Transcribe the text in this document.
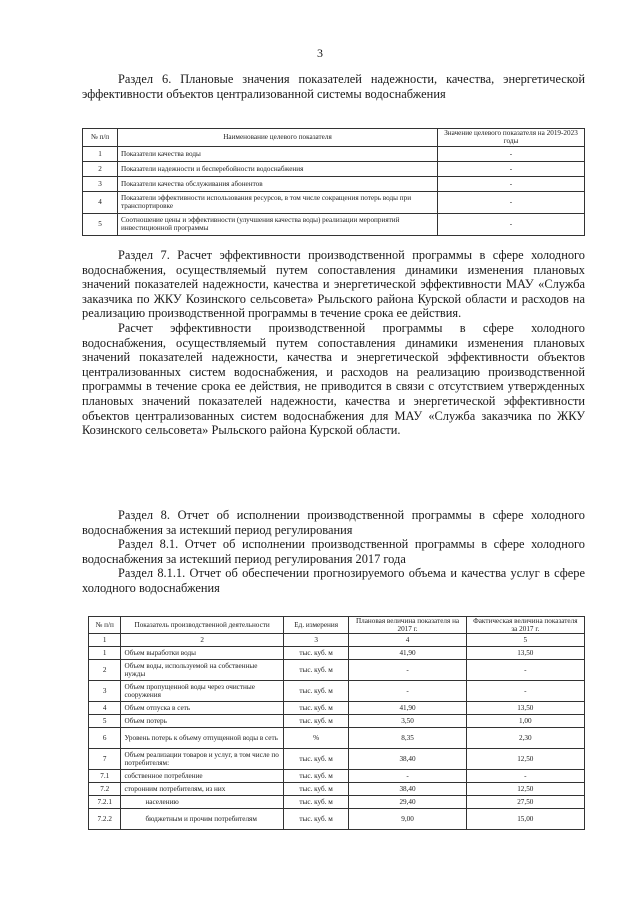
3

Раздел 6. Плановые значения показателей надежности, качества, энергетической эффективности объектов централизованной системы водоснабжения

№ п/п	Наименование целевого показателя	Значение целевого показателя на 2019-2023 годы
1	Показатели качества воды	-
2	Показатели надежности и бесперебойности водоснабжения	-
3	Показатели качества обслуживания абонентов	-
4	Показатели эффективности использования ресурсов, в том числе сокращения потерь воды при транспортировке	-
5	Соотношение цены и эффективности (улучшения качества воды) реализации мероприятий инвестиционной программы	-

Раздел 7. Расчет эффективности производственной программы в сфере холодного водоснабжения, осуществляемый путем сопоставления динамики изменения плановых значений показателей надежности, качества и энергетической эффективности МАУ «Служба заказчика по ЖКУ Козинского сельсовета» Рыльского района Курской области и расходов на реализацию производственной программы в течение срока ее действия.

Расчет эффективности производственной программы в сфере холодного водоснабжения, осуществляемый путем сопоставления динамики изменения плановых значений показателей надежности, качества и энергетической эффективности объектов централизованных систем водоснабжения, и расходов на реализацию производственной программы в течение срока ее действия, не приводится в связи с отсутствием утвержденных плановых значений показателей надежности, качества и энергетической эффективности объектов централизованных систем водоснабжения для МАУ «Служба заказчика по ЖКУ Козинского сельсовета» Рыльского района Курской области.

Раздел 8. Отчет об исполнении производственной программы в сфере холодного водоснабжения за истекший период регулирования

Раздел 8.1. Отчет об исполнении производственной программы в сфере холодного водоснабжения за истекший период регулирования 2017 года

Раздел 8.1.1. Отчет об обеспечении прогнозируемого объема и качества услуг в сфере холодного водоснабжения

№ п/п	Показатель производственной деятельности	Ед. измерения	Плановая величина показателя на 2017 г.	Фактическая величина показателя за 2017 г.
1	2	3	4	5
1	Объем выработки воды	тыс. куб. м	41,90	13,50
2	Объем воды, используемой на собственные нужды	тыс. куб. м	-	-
3	Объем пропущенной воды через очистные сооружения	тыс. куб. м	-	-
4	Объем отпуска в сеть	тыс. куб. м	41,90	13,50
5	Объем потерь	тыс. куб. м	3,50	1,00
6	Уровень потерь к объему отпущенной воды в сеть	%	8,35	2,30
7	Объем реализации товаров и услуг, в том числе по потребителям:	тыс. куб. м	38,40	12,50
7.1	собственное потребление	тыс. куб. м	-	-
7.2	сторонним потребителям, из них	тыс. куб. м	38,40	12,50
7.2.1	населению	тыс. куб. м	29,40	27,50
7.2.2	бюджетным и прочим потребителям	тыс. куб. м	9,00	15,00
